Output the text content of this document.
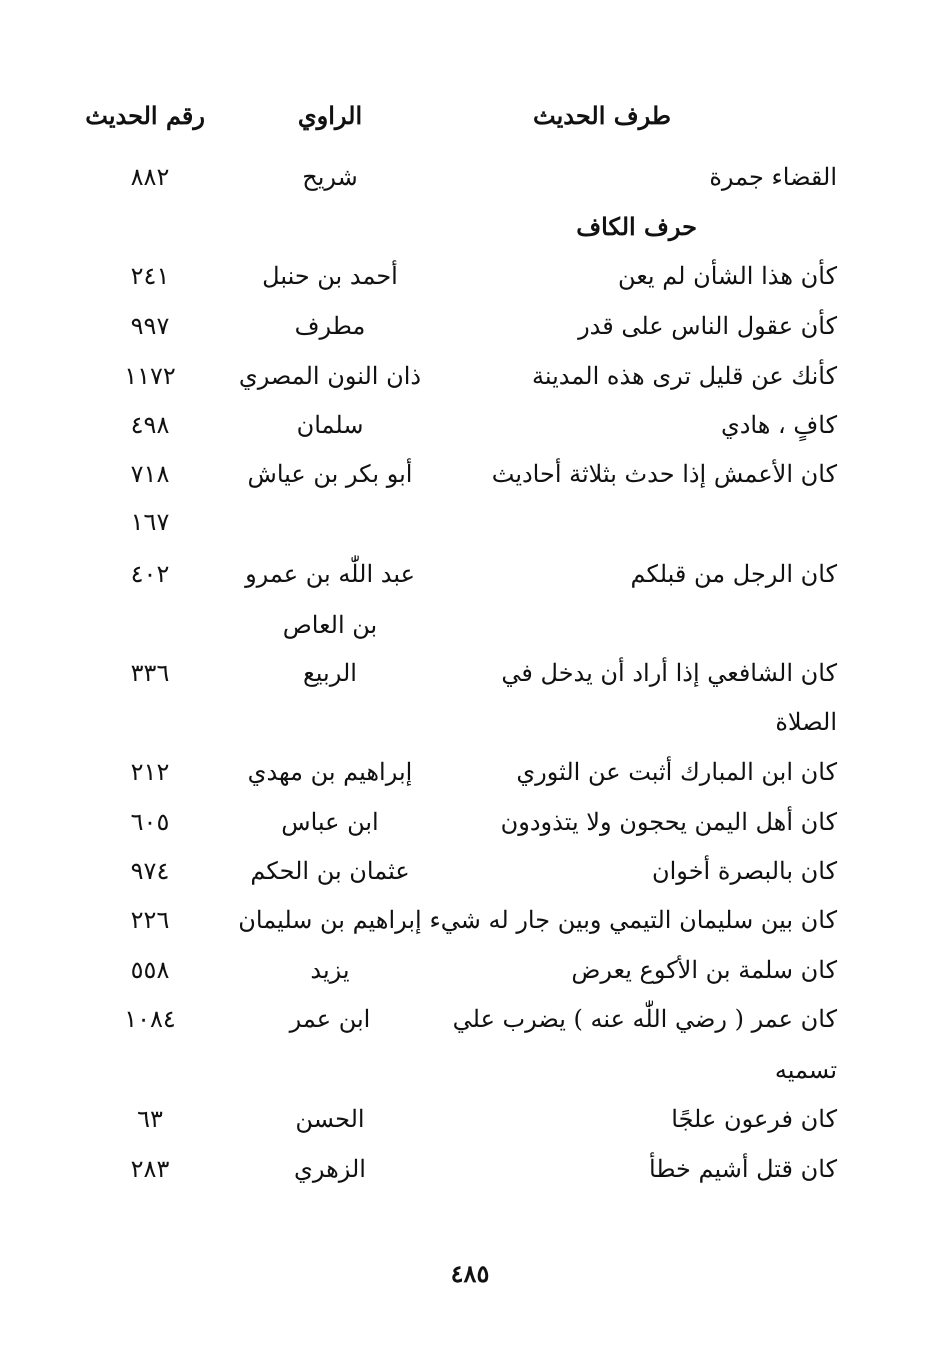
طرف الحديث
الراوي
رقم الحديث
القضاء جمرة
شريح
٨٨٢
حرف الكاف
كأن هذا الشأن لم يعن
أحمد بن حنبل
٢٤١
كأن عقول الناس على قدر
مطرف
٩٩٧
كأنك عن قليل ترى هذه المدينة
ذان النون المصري
١١٧٢
كافٍ ، هادي
سلمان
٤٩٨
كان الأعمش إذا حدث بثلاثة أحاديث
أبو بكر بن عياش
٧١٨
١٦٧
كان الرجل من قبلكم
عبد اللّٰه بن عمرو
٤٠٢
بن العاص
كان الشافعي إذا أراد أن يدخل في
الربيع
٣٣٦
الصلاة
كان ابن المبارك أثبت عن الثوري
إبراهيم بن مهدي
٢١٢
كان أهل اليمن يحجون ولا يتذودون
ابن عباس
٦٠٥
كان بالبصرة أخوان
عثمان بن الحكم
٩٧٤
كان بين سليمان التيمي وبين جار له شيء
إبراهيم بن سليمان
٢٢٦
كان سلمة بن الأكوع يعرض
يزيد
٥٥٨
كان عمر ( رضي اللّٰه عنه ) يضرب علي
ابن عمر
١٠٨٤
تسميه
كان فرعون علجًا
الحسن
٦٣
كان قتل أشيم خطأ
الزهري
٢٨٣
٤٨٥
